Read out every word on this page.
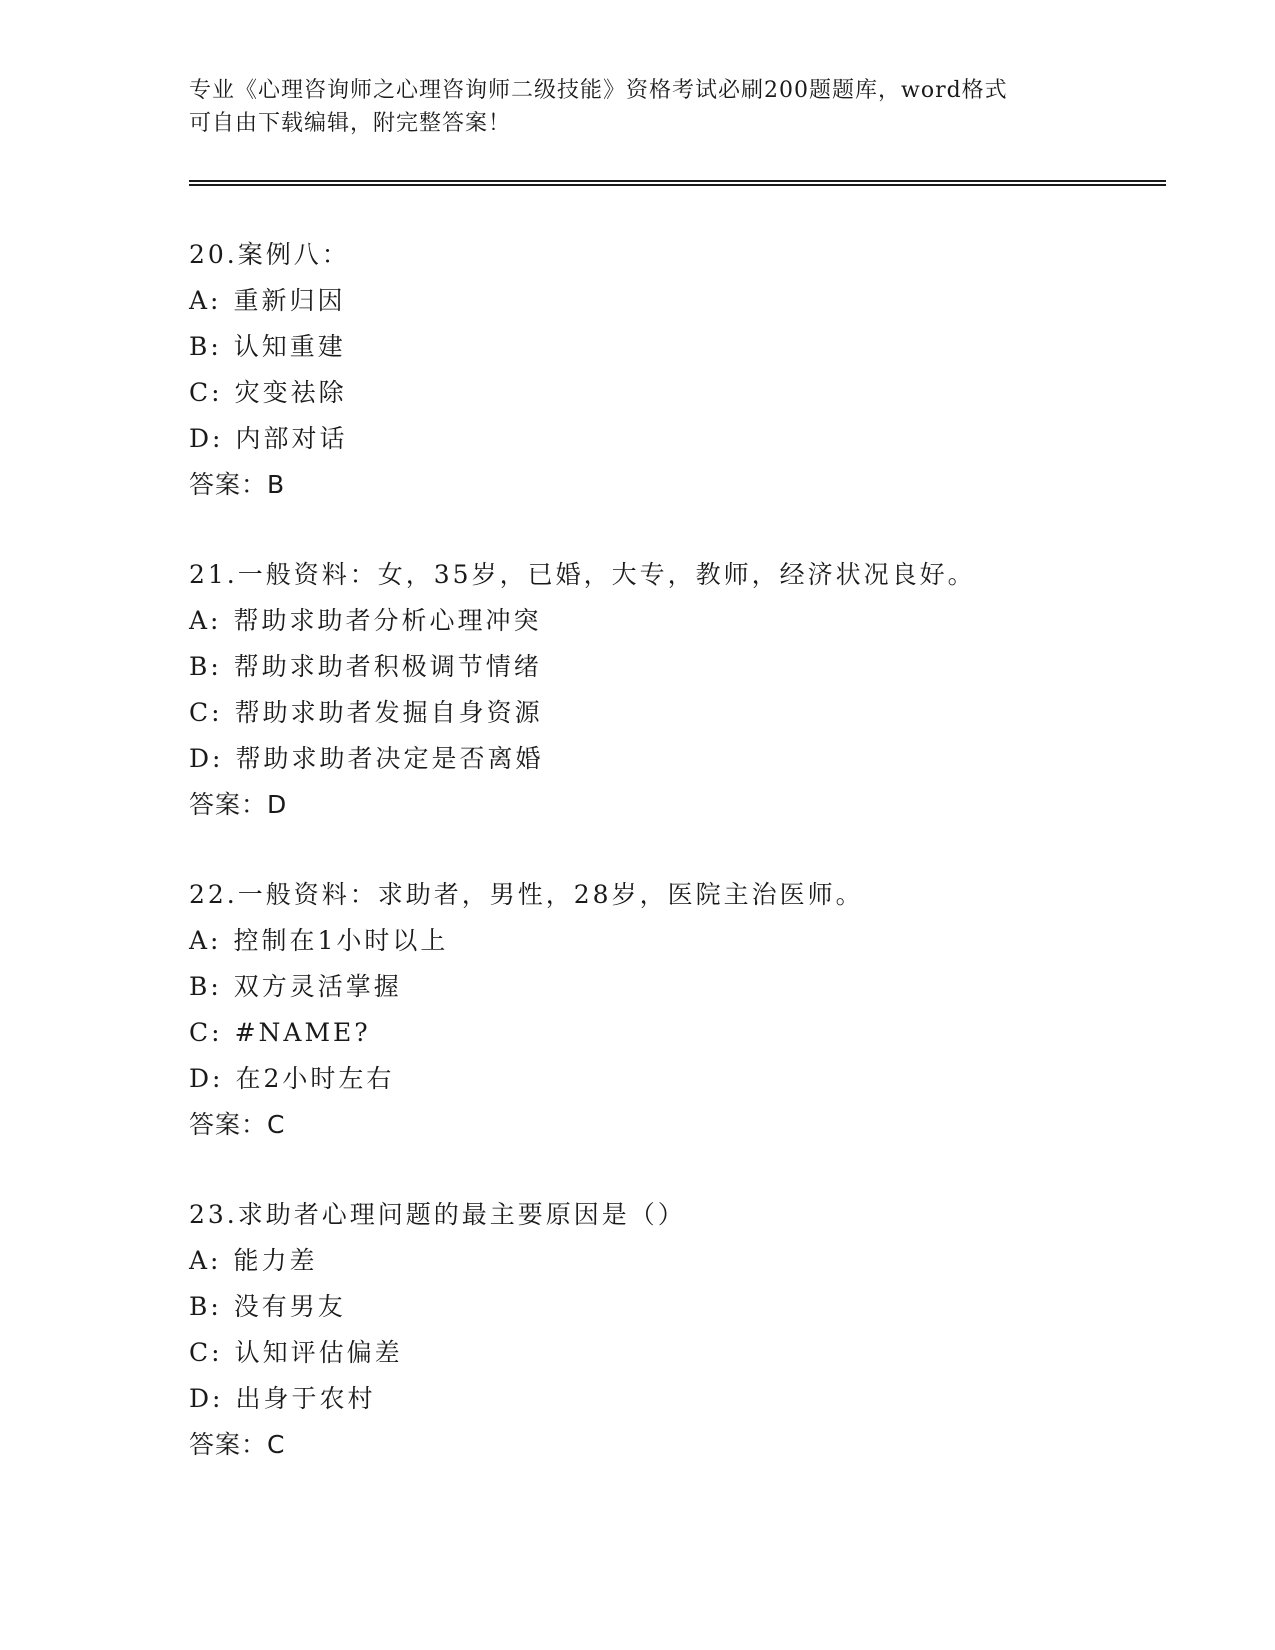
专业《心理咨询师之心理咨询师二级技能》资格考试必刷200题题库，word格式
可自由下载编辑，附完整答案！
20.案例八：
A: 重新归因
B: 认知重建
C: 灾变祛除
D: 内部对话
答案：B
21.一般资料：女，35岁，已婚，大专，教师，经济状况良好。
A: 帮助求助者分析心理冲突
B: 帮助求助者积极调节情绪
C: 帮助求助者发掘自身资源
D: 帮助求助者决定是否离婚
答案：D
22.一般资料：求助者，男性，28岁，医院主治医师。
A: 控制在1小时以上
B: 双方灵活掌握
C: #NAME?
D: 在2小时左右
答案：C
23.求助者心理问题的最主要原因是（）
A: 能力差
B: 没有男友
C: 认知评估偏差
D: 出身于农村
答案：C
